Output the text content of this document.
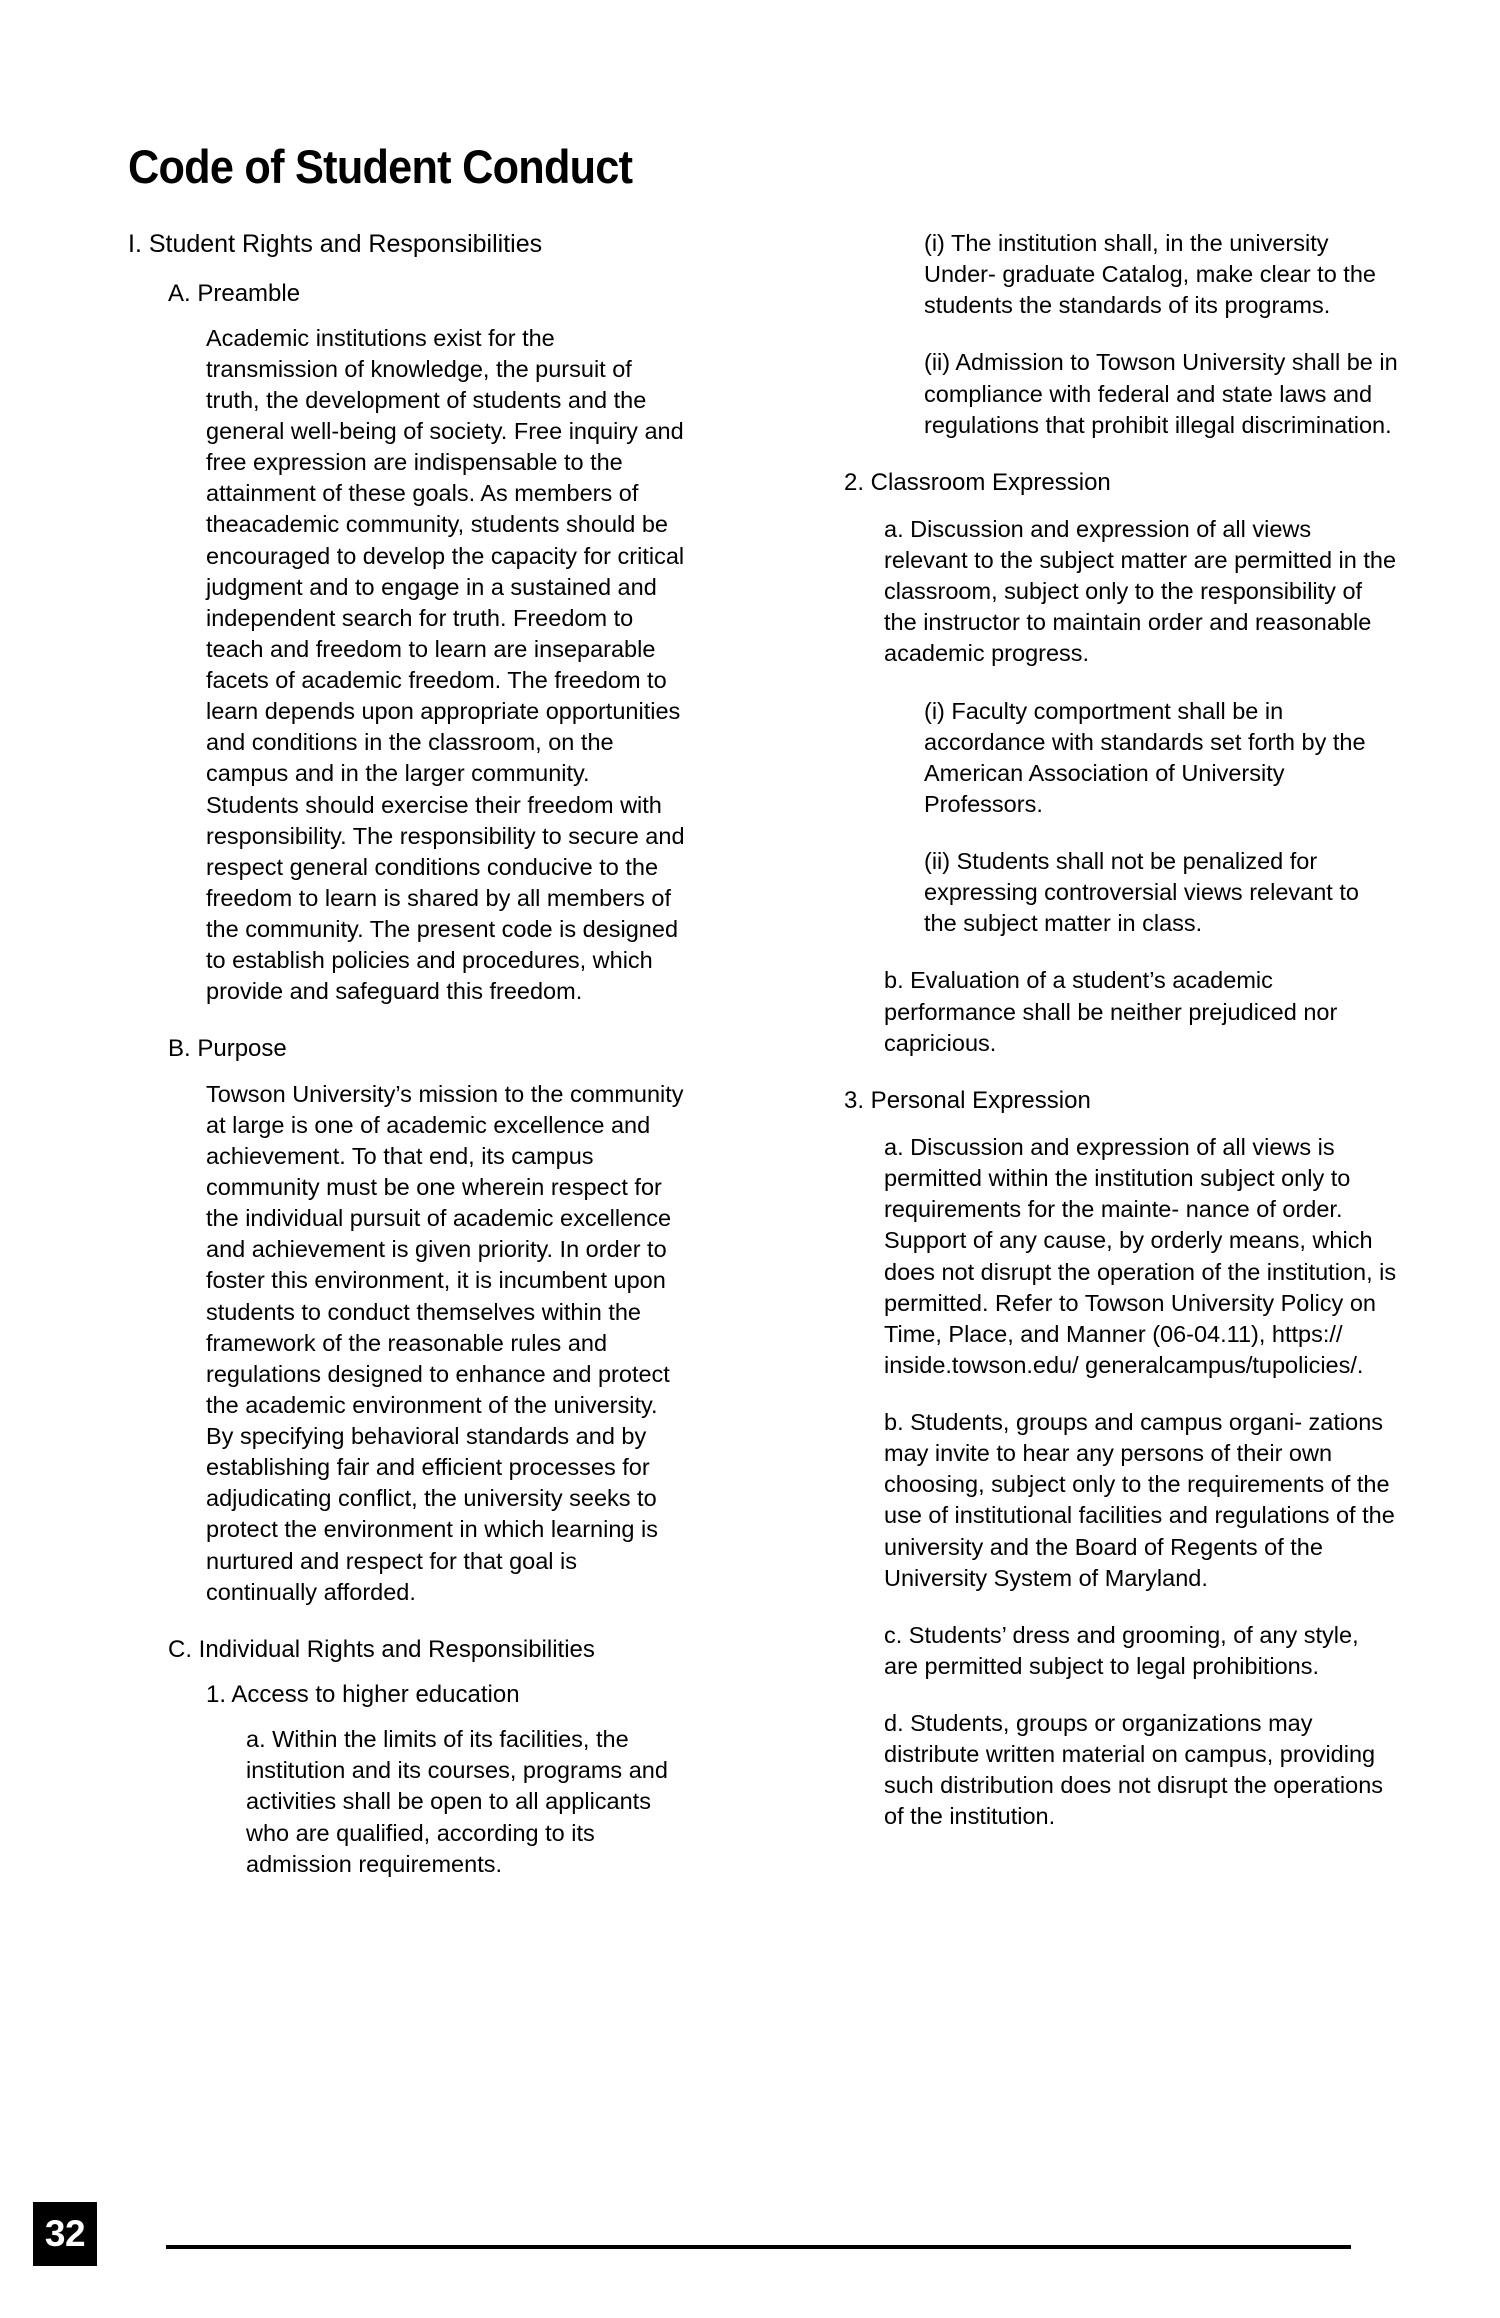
Code of Student Conduct
I. Student Rights and Responsibilities
A. Preamble

Academic institutions exist for the transmission of knowledge, the pursuit of truth, the development of students and the general well-being of society. Free inquiry and free expression are indispensable to the attainment of these goals. As members of theacademic community, students should be encouraged to develop the capacity for critical judgment and to engage in a sustained and independent search for truth. Freedom to teach and freedom to learn are inseparable facets of academic freedom. The freedom to learn depends upon appropriate opportunities and conditions in the classroom, on the campus and in the larger community. Students should exercise their freedom with responsibility. The responsibility to secure and respect general conditions conducive to the freedom to learn is shared by all members of the community. The present code is designed to establish policies and procedures, which provide and safeguard this freedom.

B. Purpose

Towson University’s mission to the community at large is one of academic excellence and achievement. To that end, its campus community must be one wherein respect for the individual pursuit of academic excellence and achievement is given priority. In order to foster this environment, it is incumbent upon students to conduct themselves within the framework of the reasonable rules and regulations designed to enhance and protect the academic environment of the university. By specifying behavioral standards and by establishing fair and efficient processes for adjudicating conflict, the university seeks to protect the environment in which learning is nurtured and respect for that goal is continually afforded.

C. Individual Rights and Responsibilities
1. Access to higher education

a. Within the limits of its facilities, the institution and its courses, programs and activities shall be open to all applicants who are qualified, according to its admission requirements.

(i) The institution shall, in the university Under- graduate Catalog, make clear to the students the standards of its programs.

(ii) Admission to Towson University shall be in compliance with federal and state laws and regulations that prohibit illegal discrimination.

2. Classroom Expression

a. Discussion and expression of all views relevant to the subject matter are permitted in the classroom, subject only to the responsibility of the instructor to maintain order and reasonable academic progress.

(i) Faculty comportment shall be in accordance with standards set forth by the American Association of University Professors.

(ii) Students shall not be penalized for expressing controversial views relevant to the subject matter in class.

b. Evaluation of a student’s academic performance shall be neither prejudiced nor capricious.

3. Personal Expression

a. Discussion and expression of all views is permitted within the institution subject only to requirements for the mainte- nance of order. Support of any cause, by orderly means, which does not disrupt the operation of the institution, is permitted. Refer to Towson University Policy on Time, Place, and Manner (06-04.11), https:// inside.towson.edu/ generalcampus/tupolicies/.

b. Students, groups and campus organi- zations may invite to hear any persons of their own choosing, subject only to the requirements of the use of institutional facilities and regulations of the university and the Board of Regents of the University System of Maryland.

c. Students’ dress and grooming, of any style, are permitted subject to legal prohibitions.

d. Students, groups or organizations may distribute written material on campus, providing such distribution does not disrupt the operations of the institution.

32
